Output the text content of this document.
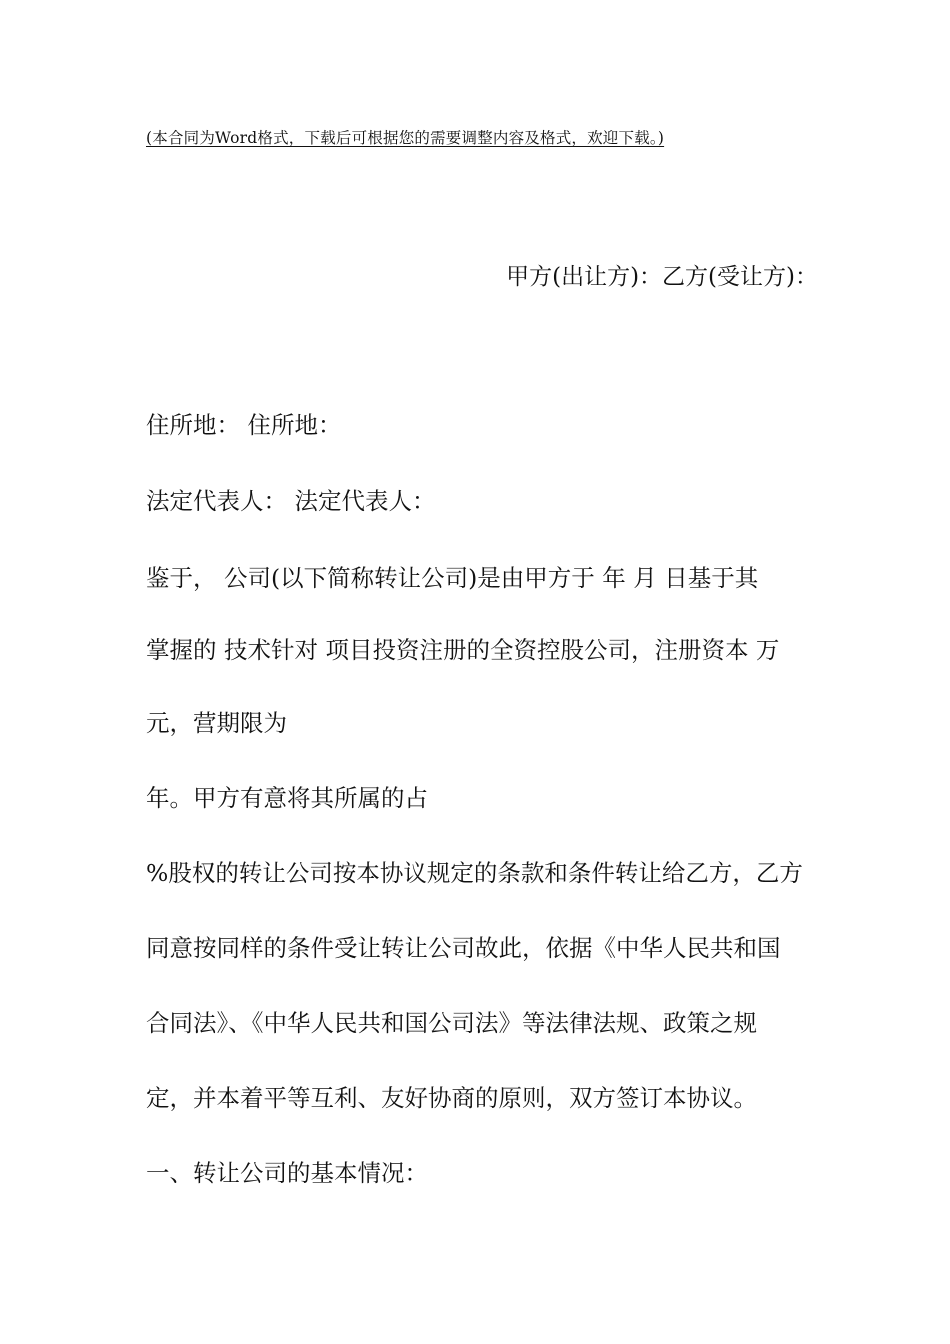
(本合同为Word格式，下载后可根据您的需要调整内容及格式，欢迎下载。)
甲方(出让方)：乙方(受让方)：
住所地： 住所地：
法定代表人： 法定代表人：
鉴于， 公司(以下简称转让公司)是由甲方于 年 月 日基于其
掌握的 技术针对 项目投资注册的全资控股公司，注册资本 万
元，营期限为
年。甲方有意将其所属的占
%股权的转让公司按本协议规定的条款和条件转让给乙方，乙方
同意按同样的条件受让转让公司故此，依据《中华人民共和国
合同法》、《中华人民共和国公司法》等法律法规、政策之规
定，并本着平等互利、友好协商的原则，双方签订本协议。
一、转让公司的基本情况：
